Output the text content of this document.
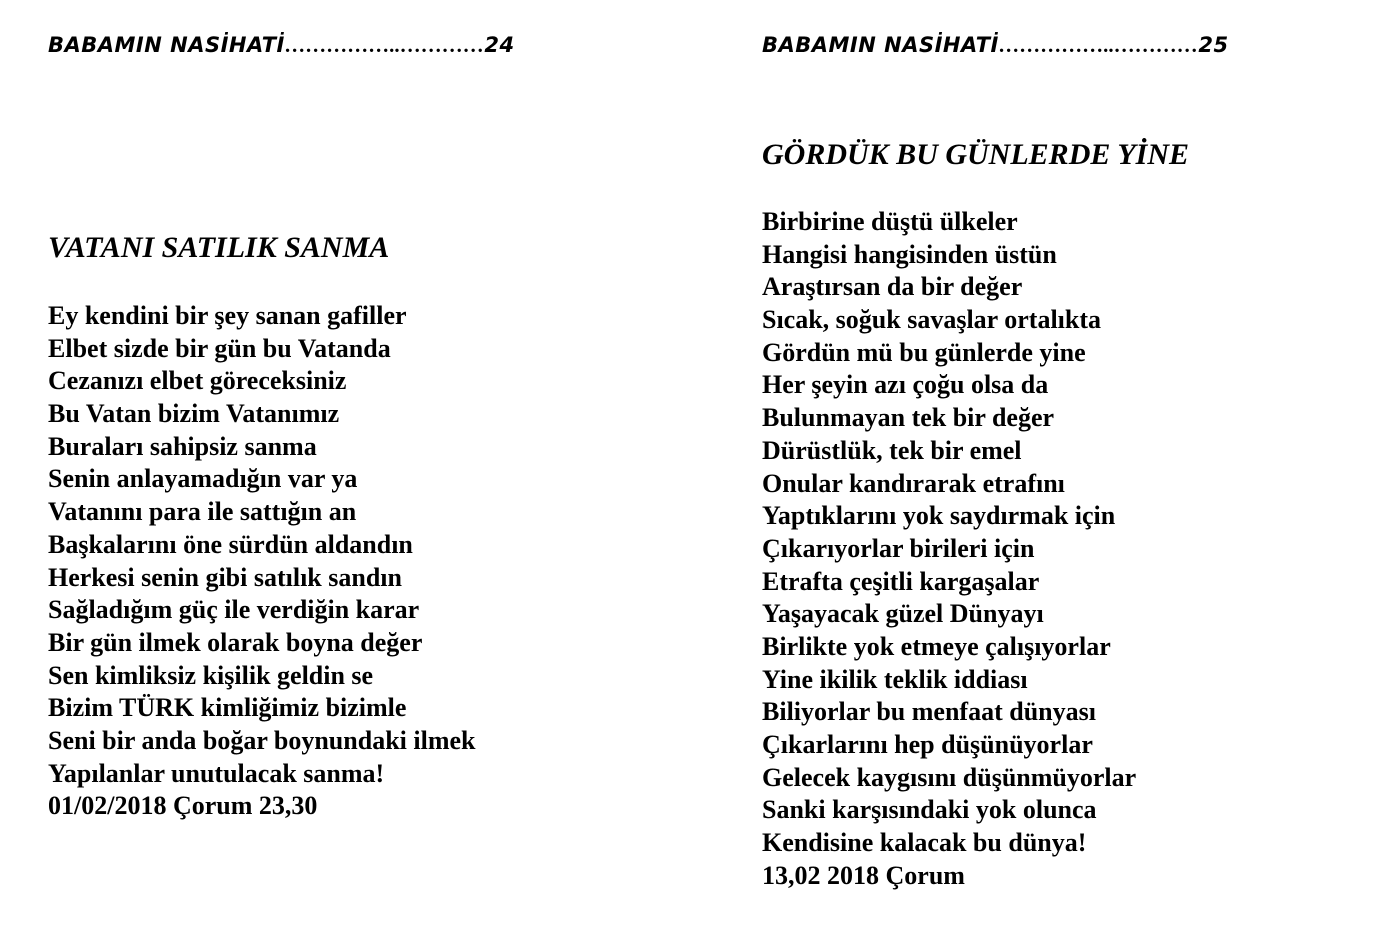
BABAMIN NASİHATİ……………..…………24
VATANI SATILIK SANMA
Ey kendini bir şey sanan gafiller
Elbet sizde bir gün bu Vatanda
Cezanızı elbet göreceksiniz
Bu Vatan bizim Vatanımız
Buraları sahipsiz sanma
Senin anlayamadığın var ya
Vatanını para ile sattığın an
Başkalarını öne sürdün aldandın
Herkesi senin gibi satılık sandın
Sağladığım güç ile verdiğin karar
Bir gün ilmek olarak boyna değer
Sen kimliksiz kişilik geldin se
Bizim TÜRK kimliğimiz bizimle
Seni bir anda boğar boynundaki ilmek
Yapılanlar unutulacak sanma!
01/02/2018 Çorum 23,30
BABAMIN NASİHATİ……………..…………25
GÖRDÜK BU GÜNLERDE YİNE
Birbirine düştü ülkeler
Hangisi hangisinden üstün
Araştırsan da bir değer
Sıcak, soğuk savaşlar ortalıkta
Gördün mü bu günlerde yine
Her şeyin azı çoğu olsa da
Bulunmayan tek bir değer
Dürüstlük, tek bir emel
Onular kandırarak etrafını
Yaptıklarını yok saydırmak için
Çıkarıyorlar birileri için
Etrafta çeşitli kargaşalar
Yaşayacak güzel Dünyayı
Birlikte yok etmeye çalışıyorlar
Yine ikilik teklik iddiası
Biliyorlar bu menfaat dünyası
Çıkarlarını hep düşünüyorlar
Gelecek kaygısını düşünmüyorlar
Sanki karşısındaki yok olunca
Kendisine kalacak bu dünya!
13,02 2018 Çorum
